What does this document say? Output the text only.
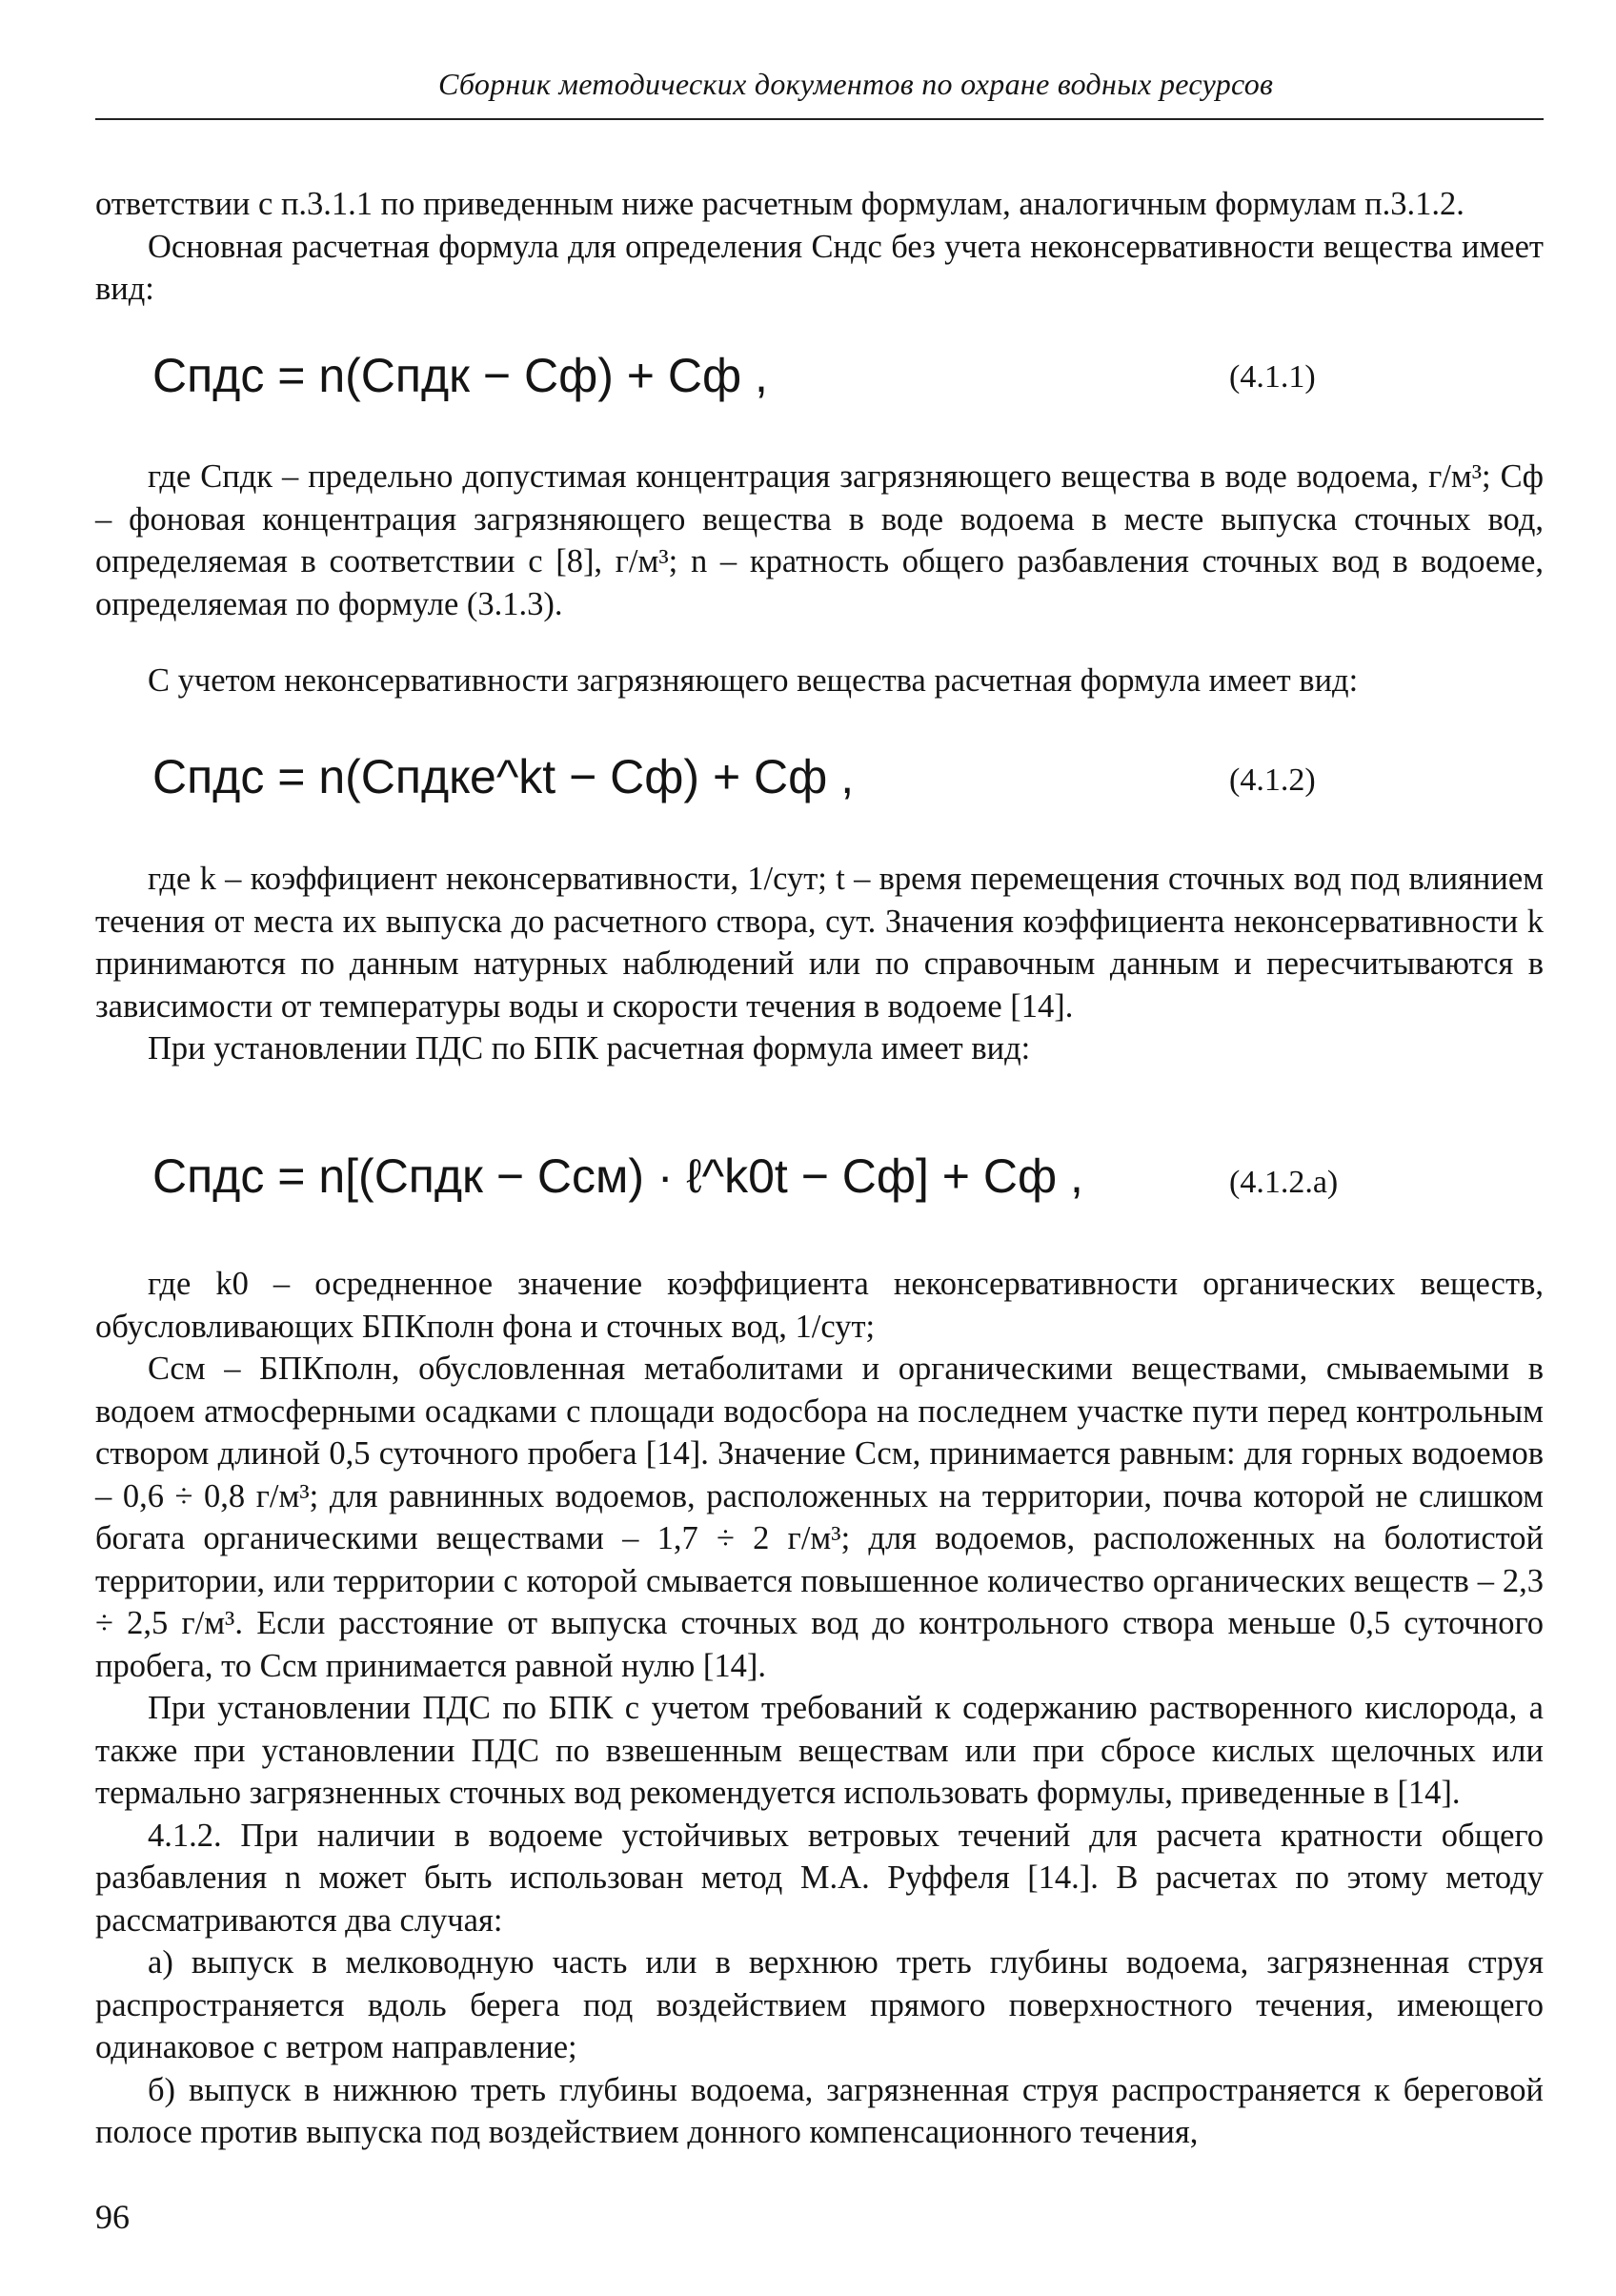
Сборник методических документов по охране водных ресурсов

ответствии с п.3.1.1 по приведенным ниже расчетным формулам, аналогичным формулам п.3.1.2.

Основная расчетная формула для определения Сндс без учета неконсервативности вещества имеет вид:

Cпдс = n(Cпдк − Cф) + Cф ,	(4.1.1)

где Спдк – предельно допустимая концентрация загрязняющего вещества в воде водоема, г/м³; Сф – фоновая концентрация загрязняющего вещества в воде водоема в месте выпуска сточных вод, определяемая в соответствии с [8], г/м³; n – кратность общего разбавления сточных вод в водоеме, определяемая по формуле (3.1.3).

С учетом неконсервативности загрязняющего вещества расчетная формула имеет вид:

Cпдс = n(Cпдкe^kt − Cф) + Cф ,	(4.1.2)

где k – коэффициент неконсервативности, 1/сут; t – время перемещения сточных вод под влиянием течения от места их выпуска до расчетного створа, сут. Значения коэффициента неконсервативности k принимаются по данным натурных наблюдений или по справочным данным и пересчитываются в зависимости от температуры воды и скорости течения в водоеме [14].

При установлении ПДС по БПК расчетная формула имеет вид:

Cпдс = n[(Cпдк − Cсм) · ℓ^k0t − Cф] + Cф ,	(4.1.2.а)

где k0 – осредненное значение коэффициента неконсервативности органических веществ, обусловливающих БПКполн фона и сточных вод, 1/сут;

Ссм – БПКполн, обусловленная метаболитами и органическими веществами, смываемыми в водоем атмосферными осадками с площади водосбора на последнем участке пути перед контрольным створом длиной 0,5 суточного пробега [14]. Значение Ссм, принимается равным: для горных водоемов – 0,6 ÷ 0,8 г/м³; для равнинных водоемов, расположенных на территории, почва которой не слишком богата органическими веществами – 1,7 ÷ 2 г/м³; для водоемов, расположенных на болотистой территории, или территории с которой смывается повышенное количество органических веществ – 2,3 ÷ 2,5 г/м³. Если расстояние от выпуска сточных вод до контрольного створа меньше 0,5 суточного пробега, то Ссм принимается равной нулю [14].

При установлении ПДС по БПК с учетом требований к содержанию растворенного кислорода, а также при установлении ПДС по взвешенным веществам или при сбросе кислых щелочных или термально загрязненных сточных вод рекомендуется использовать формулы, приведенные в [14].

4.1.2. При наличии в водоеме устойчивых ветровых течений для расчета кратности общего разбавления n может быть использован метод М.А. Руффеля [14.]. В расчетах по этому методу рассматриваются два случая:

а) выпуск в мелководную часть или в верхнюю треть глубины водоема, загрязненная струя распространяется вдоль берега под воздействием прямого поверхностного течения, имеющего одинаковое с ветром направление;

б) выпуск в нижнюю треть глубины водоема, загрязненная струя распространяется к береговой полосе против выпуска под воздействием донного компенсационного течения,

96
